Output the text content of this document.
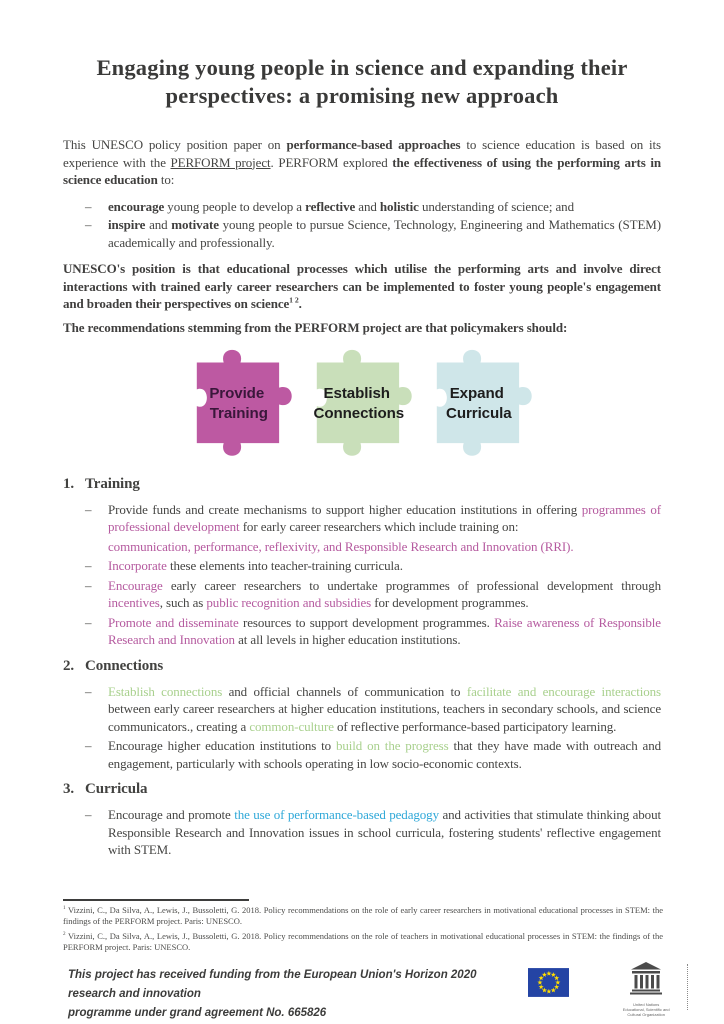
Engaging young people in science and expanding their perspectives: a promising new approach

This UNESCO policy position paper on performance-based approaches to science education is based on its experience with the PERFORM project. PERFORM explored the effectiveness of using the performing arts in science education to:

– encourage young people to develop a reflective and holistic understanding of science; and
– inspire and motivate young people to pursue Science, Technology, Engineering and Mathematics (STEM) academically and professionally.

UNESCO's position is that educational processes which utilise the performing arts and involve direct interactions with trained early career researchers can be implemented to foster young people's engagement and broaden their perspectives on science$^{1 2}$.

The recommendations stemming from the PERFORM project are that policymakers should:

Provide Training
Establish Connections
Expand Curricula
1. Training
– Provide funds and create mechanisms to support higher education institutions in offering programmes of professional development for early career researchers which include training on:
communication, performance, reflexivity, and Responsible Research and Innovation (RRI).
– Incorporate these elements into teacher-training curricula.
– Encourage early career researchers to undertake programmes of professional development through incentives, such as public recognition and subsidies for development programmes.
– Promote and disseminate resources to support development programmes. Raise awareness of Responsible Research and Innovation at all levels in higher education institutions.
2. Connections
– Establish connections and official channels of communication to facilitate and encourage interactions between early career researchers at higher education institutions, teachers in secondary schools, and science communicators., creating a common-culture of reflective performance-based participatory learning.
– Encourage higher education institutions to build on the progress that they have made with outreach and engagement, particularly with schools operating in low socio-economic contexts.
3. Curricula
– Encourage and promote the use of performance-based pedagogy and activities that stimulate thinking about Responsible Research and Innovation issues in school curricula, fostering students' reflective engagement with STEM.

$^1$ Vizzini, C., Da Silva, A., Lewis, J., Bussoletti, G. 2018. Policy recommendations on the role of early career researchers in motivational educational processes in STEM: the findings of the PERFORM project. Paris: UNESCO.

$^2$ Vizzini, C., Da Silva, A., Lewis, J., Bussoletti, G. 2018. Policy recommendations on the role of teachers in motivational educational processes in STEM: the findings of the PERFORM project. Paris: UNESCO.

This project has received funding from the European Union's Horizon 2020 research and innovation
programme under grand agreement No. 665826
United Nations
Educational, Scientific and
Cultural Organization
